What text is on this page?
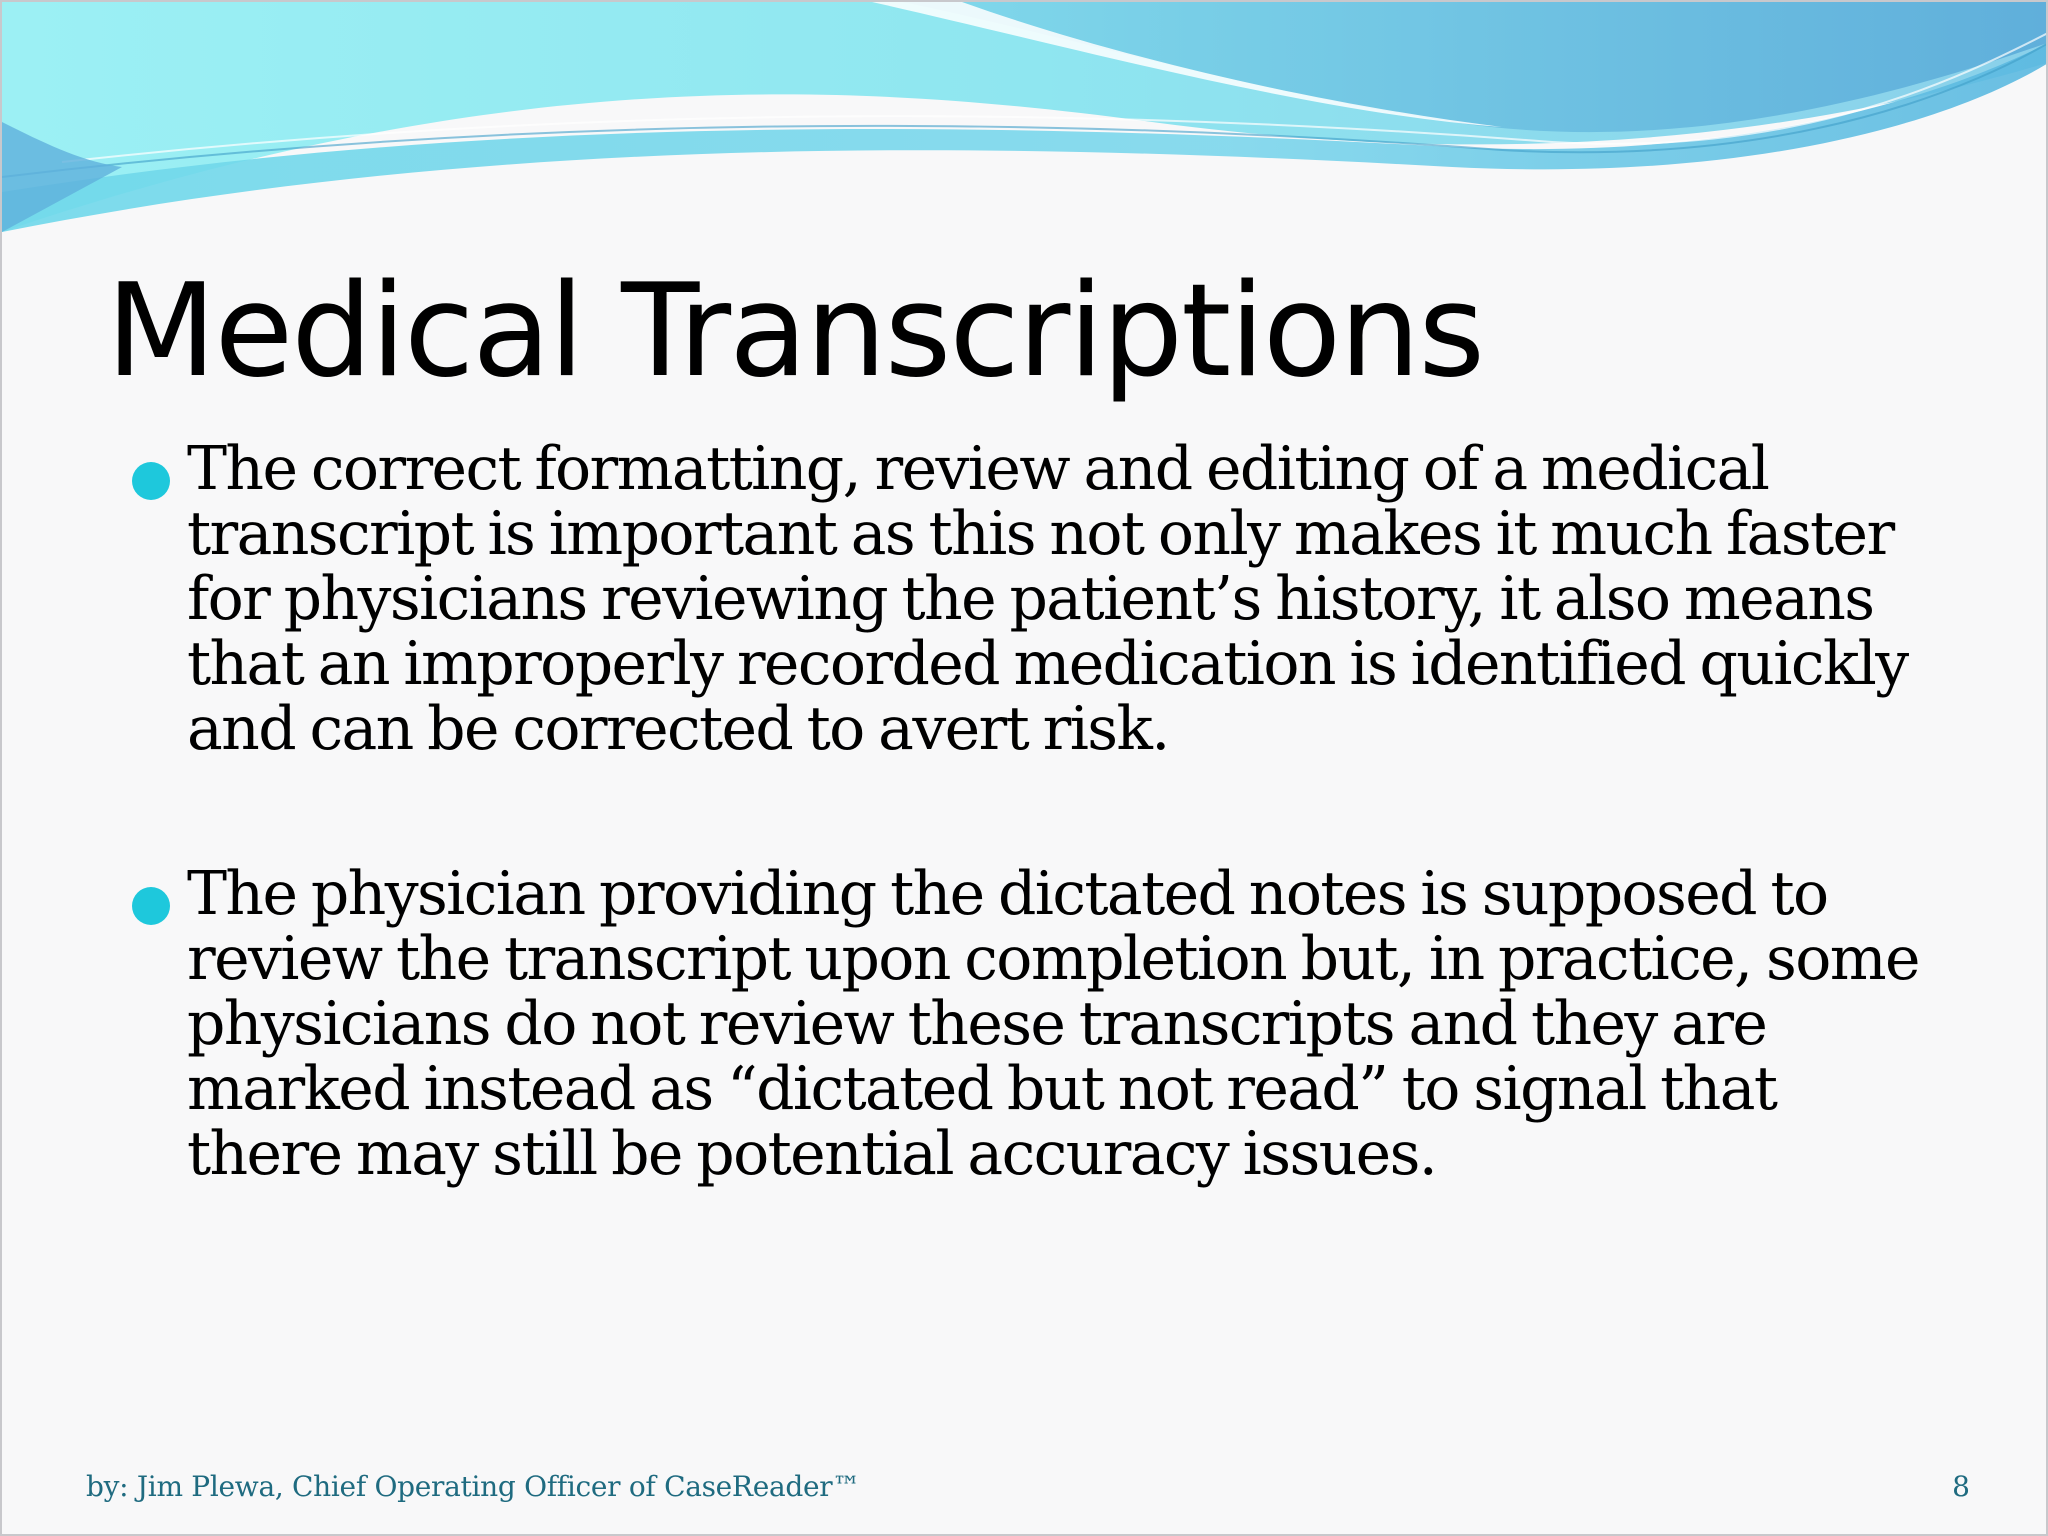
Medical Transcriptions
The correct formatting, review and editing of a medical transcript is important as this not only makes it much faster for physicians reviewing the patient’s history, it also means that an improperly recorded medication is identified quickly and can be corrected to avert risk.
The physician providing the dictated notes is supposed to review the transcript upon completion but, in practice, some physicians do not review these transcripts and they are marked instead as “dictated but not read” to signal that there may still be potential accuracy issues.
by: Jim Plewa, Chief Operating Officer of CaseReader™	8
